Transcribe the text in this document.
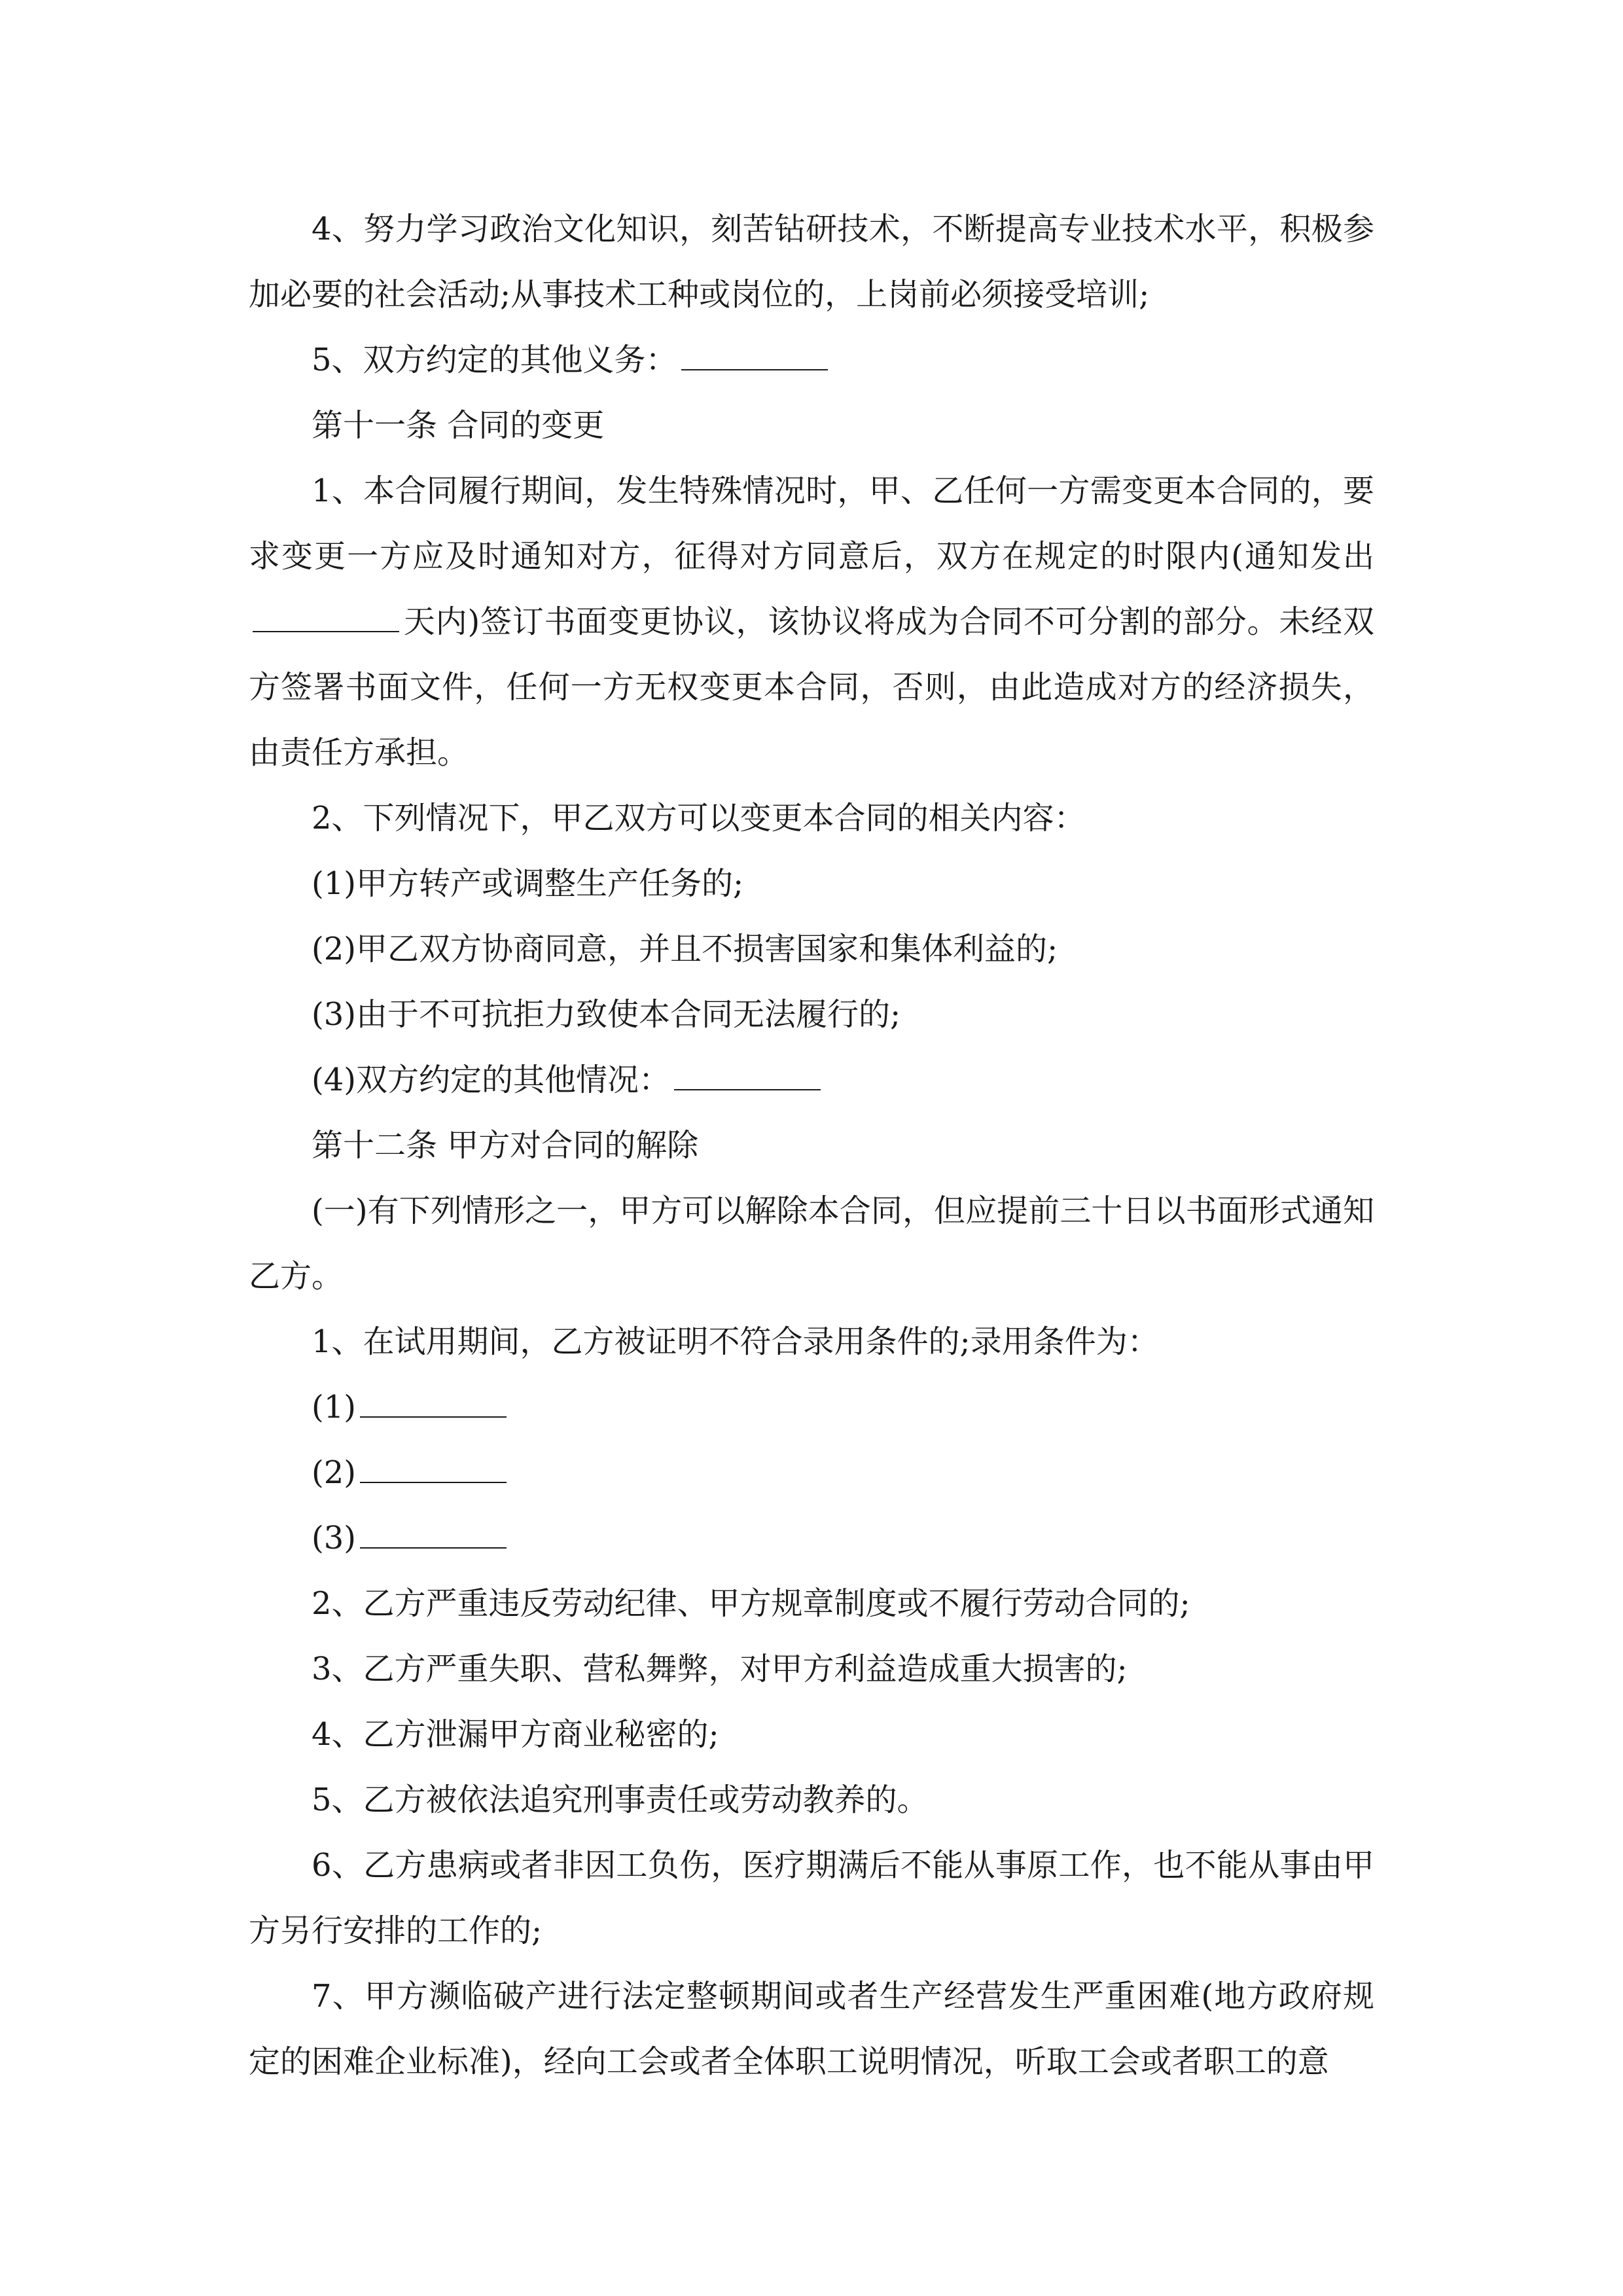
4、努力学习政治文化知识，刻苦钻研技术，不断提高专业技术水平，积极参加必要的社会活动;从事技术工种或岗位的，上岗前必须接受培训;

5、双方约定的其他义务：

第十一条 合同的变更

1、本合同履行期间，发生特殊情况时，甲、乙任何一方需变更本合同的，要求变更一方应及时通知对方，征得对方同意后，双方在规定的时限内(通知发出天内)签订书面变更协议，该协议将成为合同不可分割的部分。未经双方签署书面文件，任何一方无权变更本合同，否则，由此造成对方的经济损失，由责任方承担。

2、下列情况下，甲乙双方可以变更本合同的相关内容：

(1)甲方转产或调整生产任务的;

(2)甲乙双方协商同意，并且不损害国家和集体利益的;

(3)由于不可抗拒力致使本合同无法履行的;

(4)双方约定的其他情况：

第十二条 甲方对合同的解除

(一)有下列情形之一，甲方可以解除本合同，但应提前三十日以书面形式通知乙方。

1、在试用期间，乙方被证明不符合录用条件的;录用条件为：

(1)

(2)

(3)

2、乙方严重违反劳动纪律、甲方规章制度或不履行劳动合同的;

3、乙方严重失职、营私舞弊，对甲方利益造成重大损害的;

4、乙方泄漏甲方商业秘密的;

5、乙方被依法追究刑事责任或劳动教养的。

6、乙方患病或者非因工负伤，医疗期满后不能从事原工作，也不能从事由甲方另行安排的工作的;

7、甲方濒临破产进行法定整顿期间或者生产经营发生严重困难(地方政府规定的困难企业标准)，经向工会或者全体职工说明情况，听取工会或者职工的意
